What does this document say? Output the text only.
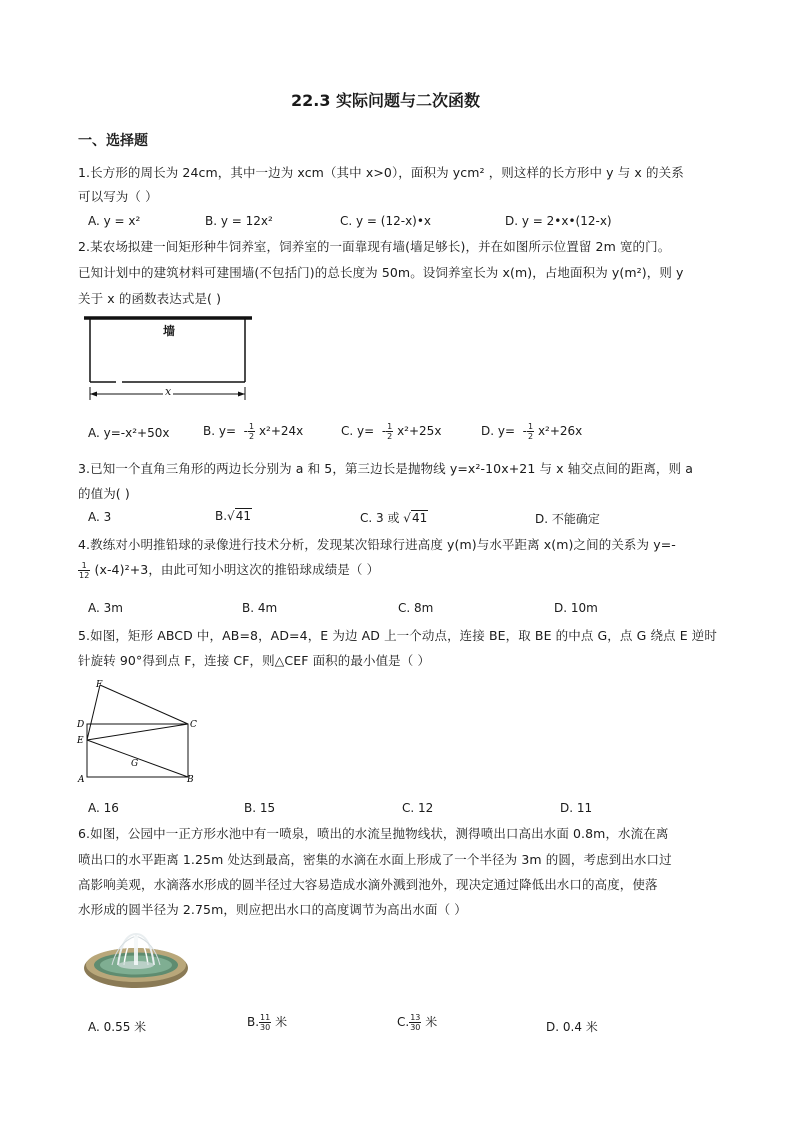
22.3 实际问题与二次函数
一、选择题
1.长方形的周长为 24cm，其中一边为 xcm（其中 x>0），面积为 ycm² ，则这样的长方形中 y 与 x 的关系
可以写为（ ）
A. y = x²	B. y = 12x²	C. y = (12-x)•x	D. y = 2•x•(12-x)
2.某农场拟建一间矩形种牛饲养室，饲养室的一面靠现有墙(墙足够长)，并在如图所示位置留 2m 宽的门。
已知计划中的建筑材料可建围墙(不包括门)的总长度为 50m。设饲养室长为 x(m)，占地面积为 y(m²)，则 y
关于 x 的函数表达式是( )
墙
x
A. y=-x²+50x	B. $y= - \frac{1}{2} x^2+24x$	C. $y= - \frac{1}{2} x^2+25x$	D. $y= - \frac{1}{2} x^2+26x$
3.已知一个直角三角形的两边长分别为 a 和 5，第三边长是抛物线 y=x²-10x+21 与 x 轴交点间的距离，则 a
的值为( )
A. 3	B.√41	C. 3 或 √41	D. 不能确定
4.教练对小明推铅球的录像进行技术分析，发现某次铅球行进高度 y(m)与水平距离 x(m)之间的关系为 y=-
$\frac{1}{12} (x-4)^2+3$，由此可知小明这次的推铅球成绩是（ ）
A. 3m	B. 4m	C. 8m	D. 10m
5.如图，矩形 ABCD 中，AB=8，AD=4，E 为边 AD 上一个动点，连接 BE，取 BE 的中点 G，点 G 绕点 E 逆时
针旋转 90°得到点 F，连接 CF，则△CEF 面积的最小值是（ ）
F
D	C
E
G
A	B
A. 16	B. 15	C. 12	D. 11
6.如图，公园中一正方形水池中有一喷泉，喷出的水流呈抛物线状，测得喷出口高出水面 0.8m，水流在离
喷出口的水平距离 1.25m 处达到最高，密集的水滴在水面上形成了一个半径为 3m 的圆，考虑到出水口过
高影响美观，水滴落水形成的圆半径过大容易造成水滴外溅到池外，现决定通过降低出水口的高度，使落
水形成的圆半径为 2.75m，则应把出水口的高度调节为高出水面（ ）
A. 0.55 米	B. $\frac{11}{30}$ 米	C. $\frac{13}{30}$ 米	D. 0.4 米
